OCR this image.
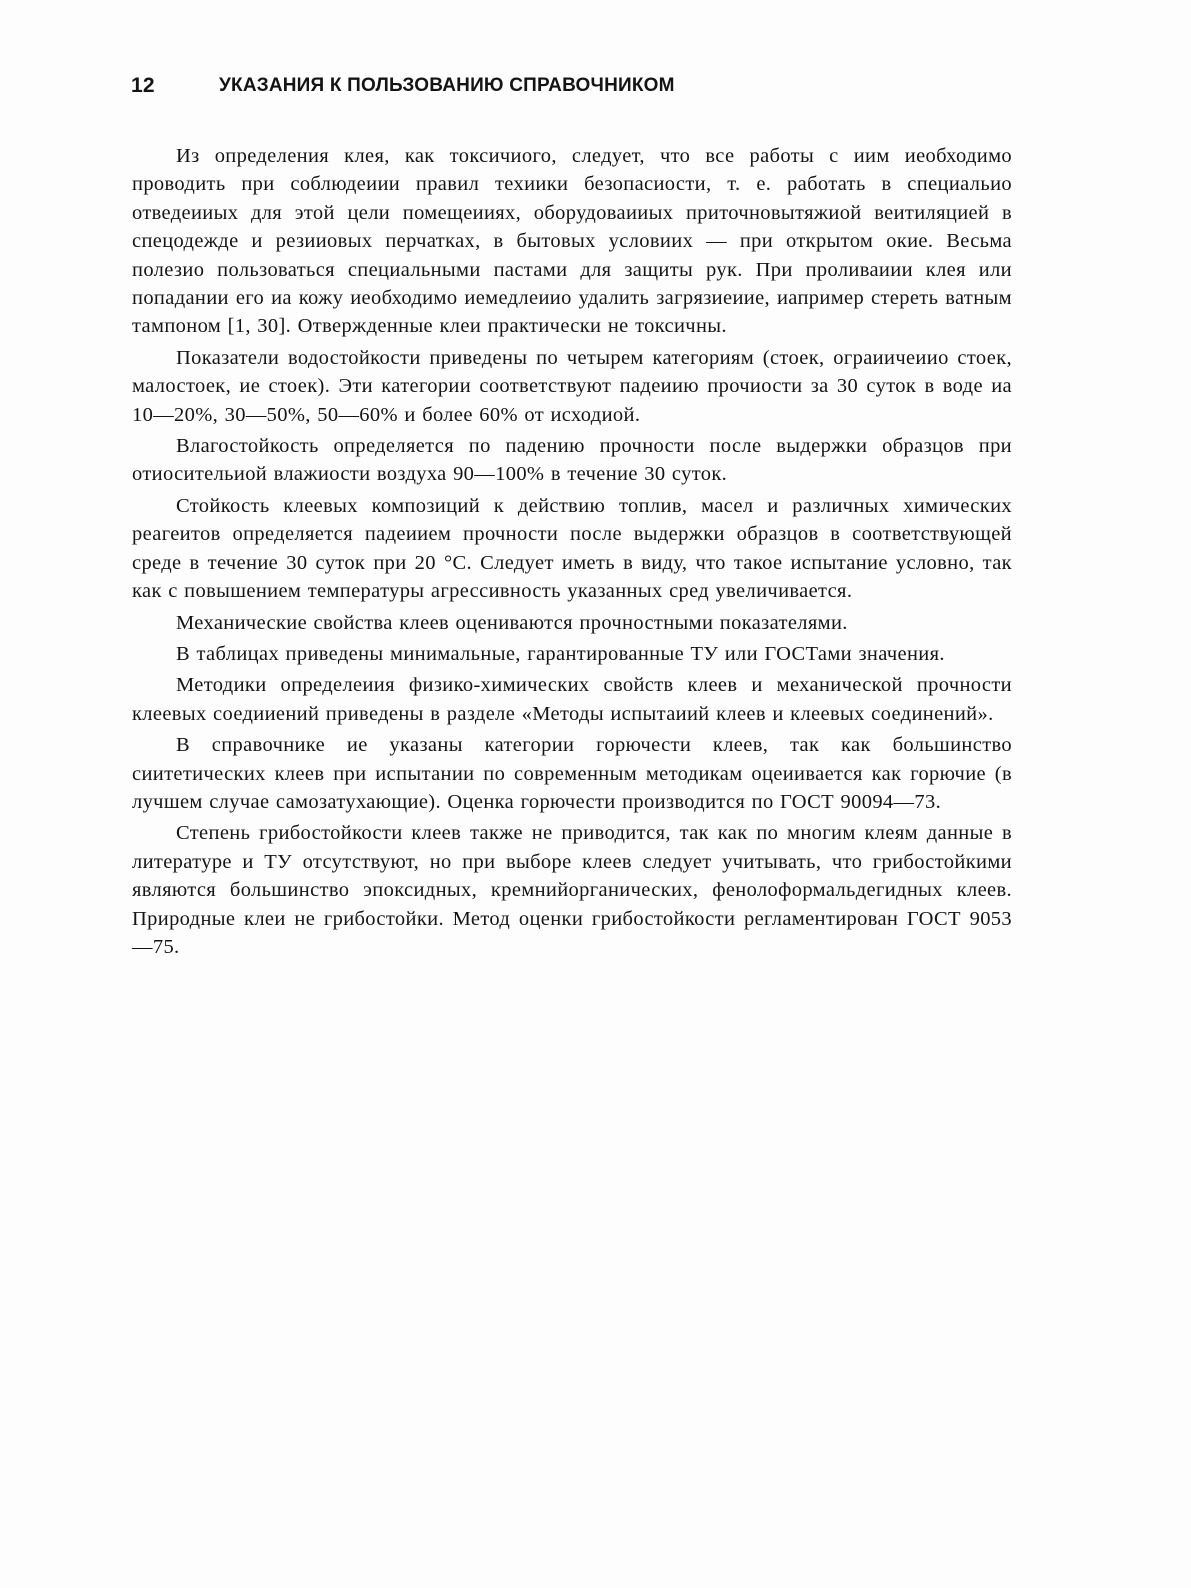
12	УКАЗАНИЯ К ПОЛЬЗОВАНИЮ СПРАВОЧНИКОМ

Из определения клея, как токсичиого, следует, что все работы с иим иеобходимо проводить при соблюдеиии правил техиики безопасиости, т. е. работать в специальио отведеииых для этой цели помещеииях, оборудоваииых приточновытяжиой веитиляцией в спецодежде и резииовых перчатках, в бытовых условиих — при открытом окие. Весьма полезио пользоваться специальными пастами для защиты рук. При проливаиии клея или попадании его иа кожу иеобходимо иемедлеиио удалить загрязиеиие, иапример стереть ватным тампоном [1, 30]. Отвержденные клеи практически не токсичны.

Показатели водостойкости приведены по четырем категориям (стоек, ограиичеиио стоек, малостоек, ие стоек). Эти категории соответствуют падеиию прочиости за 30 суток в воде иа 10—20%, 30—50%, 50—60% и более 60% от исходиой.

Влагостойкость определяется по падению прочности после выдержки образцов при отиосительиой влажиости воздуха 90—100% в течение 30 суток.

Стойкость клеевых композиций к действию топлив, масел и различных химических реагеитов определяется падеиием прочности после выдержки образцов в соответствующей среде в течение 30 суток при 20 °С. Следует иметь в виду, что такое испытание условно, так как с повышением температуры агрессивность указанных сред увеличивается.

Механические свойства клеев оцениваются прочностными показателями.

В таблицах приведены минимальные, гарантированные ТУ или ГОСТами значения.

Методики определеиия физико-химических свойств клеев и механической прочности клеевых соедииений приведены в разделе «Методы испытаиий клеев и клеевых соединений».

В справочнике ие указаны категории горючести клеев, так как большинство сиитетических клеев при испытании по современным методикам оцеиивается как горючие (в лучшем случае самозатухающие). Оценка горючести производится по ГОСТ 90094—73.

Степень грибостойкости клеев также не приводится, так как по многим клеям данные в литературе и ТУ отсутствуют, но при выборе клеев следует учитывать, что грибостойкими являются большинство эпоксидных, кремнийорганических, фенолоформальдегидных клеев. Природные клеи не грибостойки. Метод оценки грибостойкости регламентирован ГОСТ 9053—75.
